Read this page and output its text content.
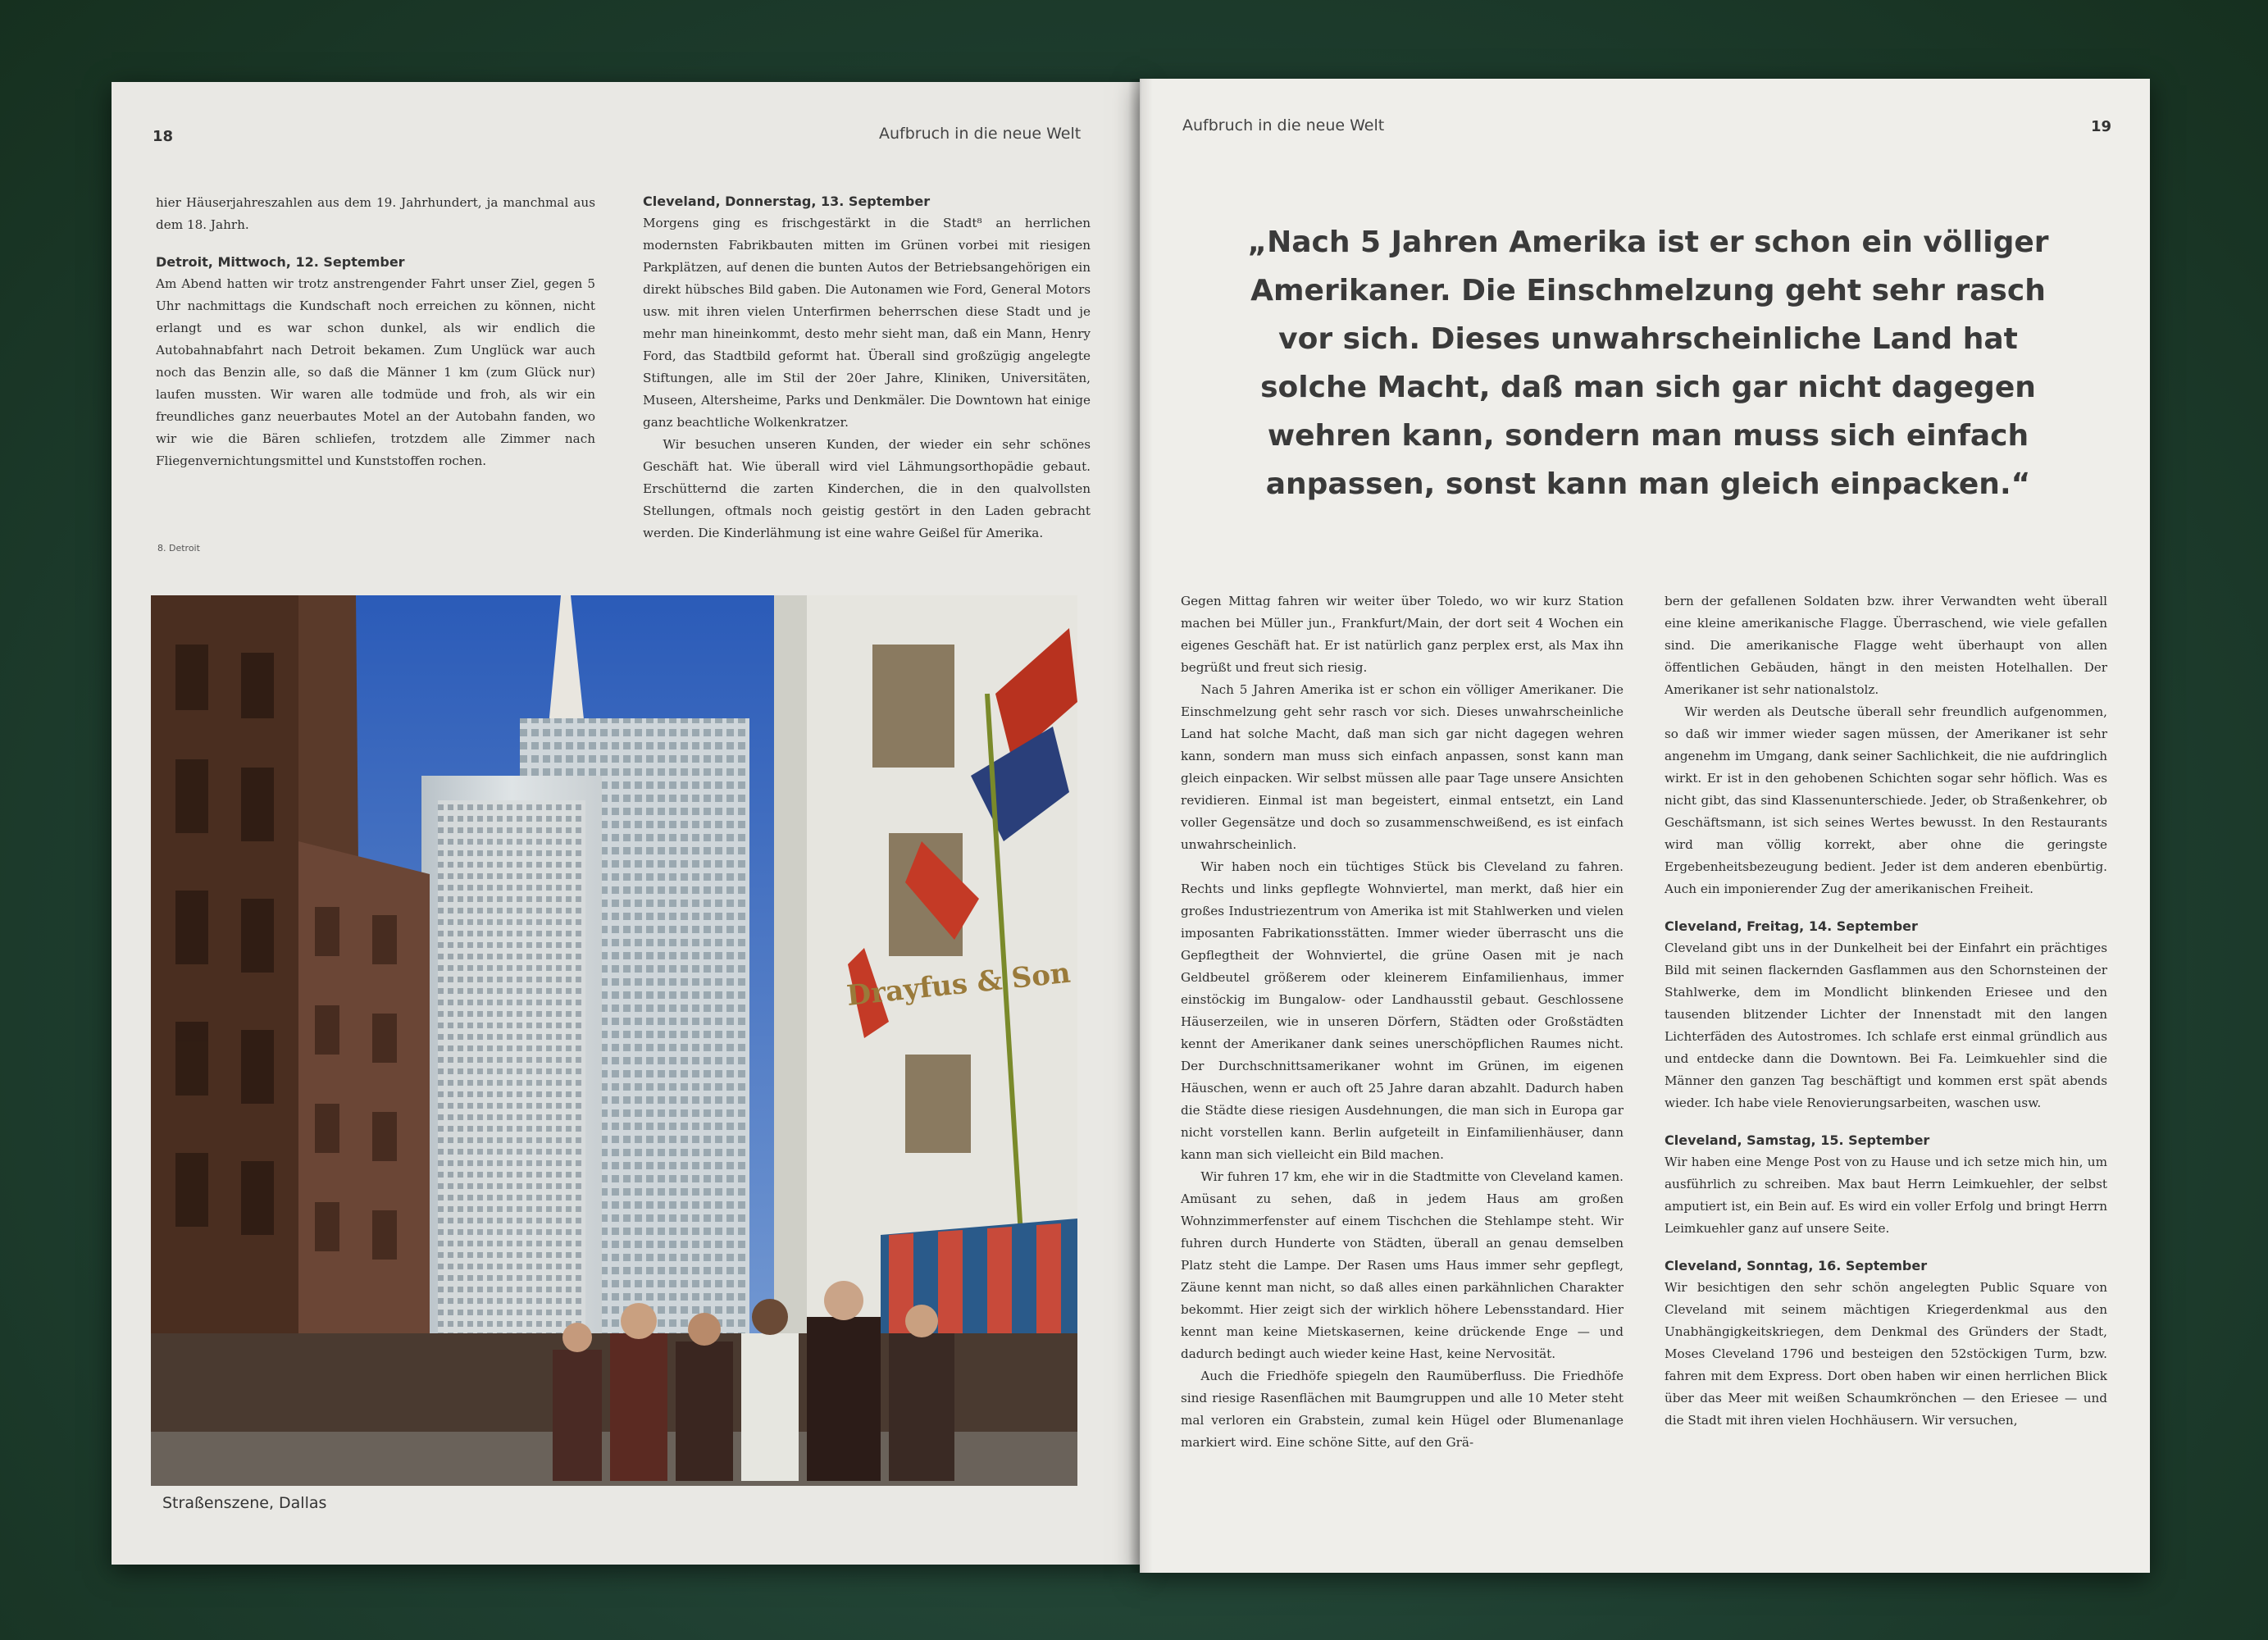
18	Aufbruch in die neue Welt

hier Häuserjahreszahlen aus dem 19. Jahrhundert, ja manchmal aus dem 18. Jahrh.

Detroit, Mittwoch, 12. September

Am Abend hatten wir trotz anstrengender Fahrt unser Ziel, gegen 5 Uhr nachmittags die Kundschaft noch erreichen zu können, nicht erlangt und es war schon dunkel, als wir endlich die Autobahnabfahrt nach Detroit bekamen. Zum Unglück war auch noch das Benzin alle, so daß die Männer 1 km (zum Glück nur) laufen mussten. Wir waren alle todmüde und froh, als wir ein freundliches ganz neuerbautes Motel an der Autobahn fanden, wo wir wie die Bären schliefen, trotzdem alle Zimmer nach Fliegenvernichtungsmittel und Kunststoffen rochen.

8. Detroit
Cleveland, Donnerstag, 13. September

Morgens ging es frischgestärkt in die Stadt⁸ an herrlichen modernsten Fabrikbauten mitten im Grünen vorbei mit riesigen Parkplätzen, auf denen die bunten Autos der Betriebsangehörigen ein direkt hübsches Bild gaben. Die Autonamen wie Ford, General Motors usw. mit ihren vielen Unterfirmen beherrschen diese Stadt und je mehr man hineinkommt, desto mehr sieht man, daß ein Mann, Henry Ford, das Stadtbild geformt hat. Überall sind großzügig angelegte Stiftungen, alle im Stil der 20er Jahre, Kliniken, Universitäten, Museen, Altersheime, Parks und Denkmäler. Die Downtown hat einige ganz beachtliche Wolkenkratzer.

Wir besuchen unseren Kunden, der wieder ein sehr schönes Geschäft hat. Wie überall wird viel Lähmungsorthopädie gebaut. Erschütternd die zarten Kinderchen, die in den qualvollsten Stellungen, oftmals noch geistig gestört in den Laden gebracht werden. Die Kinderlähmung ist eine wahre Geißel für Amerika.

Drayfus & Son
Straßenszene, Dallas
Aufbruch in die neue Welt	19
„Nach 5 Jahren Amerika ist er schon ein völliger Amerikaner. Die Einschmelzung geht sehr rasch vor sich. Dieses unwahrscheinliche Land hat solche Macht, daß man sich gar nicht dagegen wehren kann, sondern man muss sich einfach anpassen, sonst kann man gleich einpacken.“

Gegen Mittag fahren wir weiter über Toledo, wo wir kurz Station machen bei Müller jun., Frankfurt/Main, der dort seit 4 Wochen ein eigenes Geschäft hat. Er ist natürlich ganz perplex erst, als Max ihn begrüßt und freut sich riesig.

Nach 5 Jahren Amerika ist er schon ein völliger Amerikaner. Die Einschmelzung geht sehr rasch vor sich. Dieses unwahrscheinliche Land hat solche Macht, daß man sich gar nicht dagegen wehren kann, sondern man muss sich einfach anpassen, sonst kann man gleich einpacken. Wir selbst müssen alle paar Tage unsere Ansichten revidieren. Einmal ist man begeistert, einmal entsetzt, ein Land voller Gegensätze und doch so zusammenschweißend, es ist einfach unwahrscheinlich.

Wir haben noch ein tüchtiges Stück bis Cleveland zu fahren. Rechts und links gepflegte Wohnviertel, man merkt, daß hier ein großes Industriezentrum von Amerika ist mit Stahlwerken und vielen imposanten Fabrikationsstätten. Immer wieder überrascht uns die Gepflegtheit der Wohnviertel, die grüne Oasen mit je nach Geldbeutel größerem oder kleinerem Einfamilienhaus, immer einstöckig im Bungalow- oder Landhausstil gebaut. Geschlossene Häuserzeilen, wie in unseren Dörfern, Städten oder Großstädten kennt der Amerikaner dank seines unerschöpflichen Raumes nicht. Der Durchschnittsamerikaner wohnt im Grünen, im eigenen Häuschen, wenn er auch oft 25 Jahre daran abzahlt. Dadurch haben die Städte diese riesigen Ausdehnungen, die man sich in Europa gar nicht vorstellen kann. Berlin aufgeteilt in Einfamilienhäuser, dann kann man sich vielleicht ein Bild machen.

Wir fuhren 17 km, ehe wir in die Stadtmitte von Cleveland kamen. Amüsant zu sehen, daß in jedem Haus am großen Wohnzimmerfenster auf einem Tischchen die Stehlampe steht. Wir fuhren durch Hunderte von Städten, überall an genau demselben Platz steht die Lampe. Der Rasen ums Haus immer sehr gepflegt, Zäune kennt man nicht, so daß alles einen parkähnlichen Charakter bekommt. Hier zeigt sich der wirklich höhere Lebensstandard. Hier kennt man keine Mietskasernen, keine drückende Enge — und dadurch bedingt auch wieder keine Hast, keine Nervosität.

Auch die Friedhöfe spiegeln den Raumüberfluss. Die Friedhöfe sind riesige Rasenflächen mit Baumgruppen und alle 10 Meter steht mal verloren ein Grabstein, zumal kein Hügel oder Blumenanlage markiert wird. Eine schöne Sitte, auf den Grä-

bern der gefallenen Soldaten bzw. ihrer Verwandten weht überall eine kleine amerikanische Flagge. Überraschend, wie viele gefallen sind. Die amerikanische Flagge weht überhaupt von allen öffentlichen Gebäuden, hängt in den meisten Hotelhallen. Der Amerikaner ist sehr nationalstolz.

Wir werden als Deutsche überall sehr freundlich aufgenommen, so daß wir immer wieder sagen müssen, der Amerikaner ist sehr angenehm im Umgang, dank seiner Sachlichkeit, die nie aufdringlich wirkt. Er ist in den gehobenen Schichten sogar sehr höflich. Was es nicht gibt, das sind Klassenunterschiede. Jeder, ob Straßenkehrer, ob Geschäftsmann, ist sich seines Wertes bewusst. In den Restaurants wird man völlig korrekt, aber ohne die geringste Ergebenheitsbezeugung bedient. Jeder ist dem anderen ebenbürtig. Auch ein imponierender Zug der amerikanischen Freiheit.

Cleveland, Freitag, 14. September

Cleveland gibt uns in der Dunkelheit bei der Einfahrt ein prächtiges Bild mit seinen flackernden Gasflammen aus den Schornsteinen der Stahlwerke, dem im Mondlicht blinkenden Eriesee und den tausenden blitzender Lichter der Innenstadt mit den langen Lichterfäden des Autostromes. Ich schlafe erst einmal gründlich aus und entdecke dann die Downtown. Bei Fa. Leimkuehler sind die Männer den ganzen Tag beschäftigt und kommen erst spät abends wieder. Ich habe viele Renovierungsarbeiten, waschen usw.

Cleveland, Samstag, 15. September

Wir haben eine Menge Post von zu Hause und ich setze mich hin, um ausführlich zu schreiben. Max baut Herrn Leimkuehler, der selbst amputiert ist, ein Bein auf. Es wird ein voller Erfolg und bringt Herrn Leimkuehler ganz auf unsere Seite.

Cleveland, Sonntag, 16. September

Wir besichtigen den sehr schön angelegten Public Square von Cleveland mit seinem mächtigen Kriegerdenkmal aus den Unabhängigkeitskriegen, dem Denkmal des Gründers der Stadt, Moses Cleveland 1796 und besteigen den 52stöckigen Turm, bzw. fahren mit dem Express. Dort oben haben wir einen herrlichen Blick über das Meer mit weißen Schaumkrönchen — den Eriesee — und die Stadt mit ihren vielen Hochhäusern. Wir versuchen,
